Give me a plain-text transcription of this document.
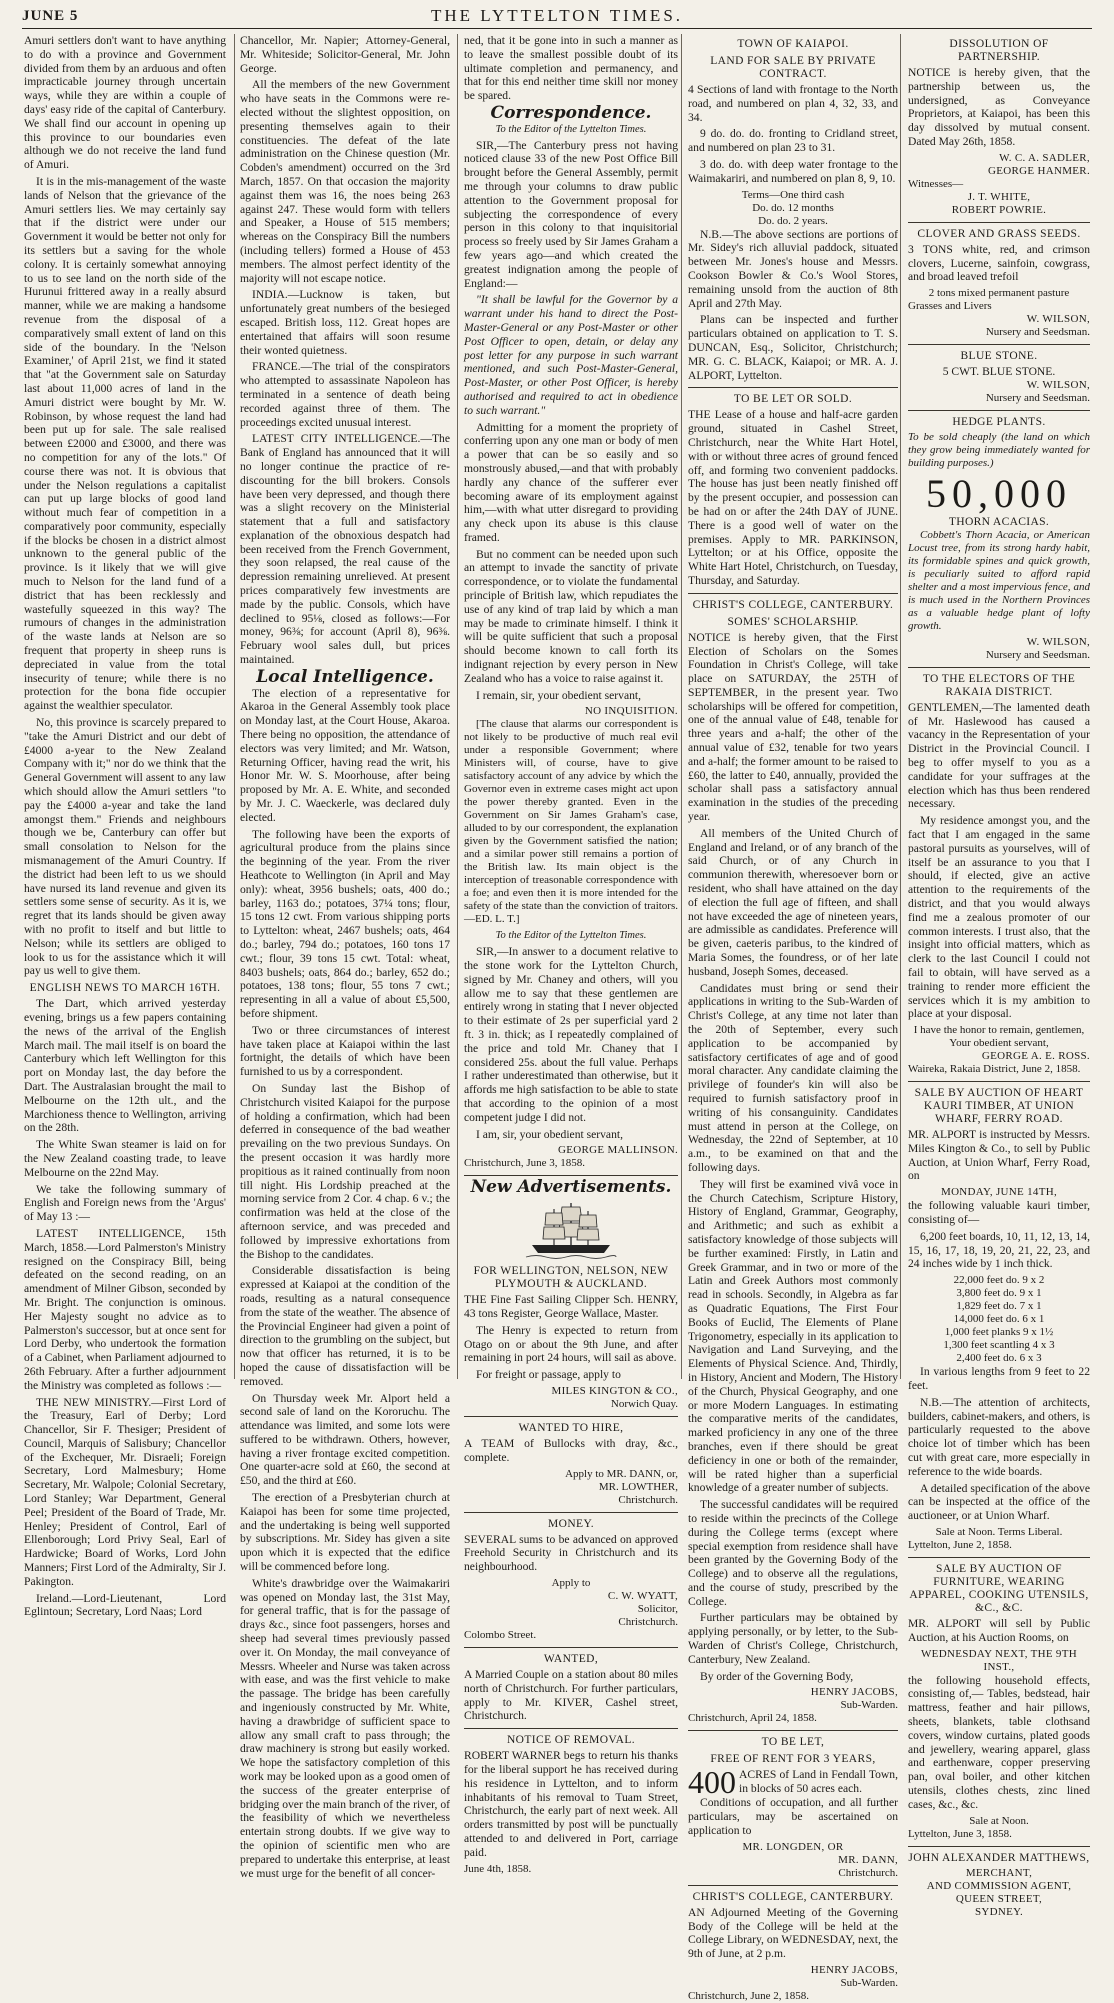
JUNE 5	THE LYTTELTON TIMES.

Amuri settlers don't want to have anything to do with a province and Government divided from them by an arduous and often impracticable journey through uncertain ways, while they are within a couple of days' easy ride of the capital of Canterbury. We shall find our account in opening up this province to our boundaries even although we do not receive the land fund of Amuri.

It is in the mis-management of the waste lands of Nelson that the grievance of the Amuri settlers lies. We may certainly say that if the district were under our Government it would be better not only for its settlers but a saving for the whole colony. It is certainly somewhat annoying to us to see land on the north side of the Hurunui frittered away in a really absurd manner, while we are making a handsome revenue from the disposal of a comparatively small extent of land on this side of the boundary. In the 'Nelson Examiner,' of April 21st, we find it stated that "at the Government sale on Saturday last about 11,000 acres of land in the Amuri district were bought by Mr. W. Robinson, by whose request the land had been put up for sale. The sale realised between £2000 and £3000, and there was no competition for any of the lots." Of course there was not. It is obvious that under the Nelson regulations a capitalist can put up large blocks of good land without much fear of competition in a comparatively poor community, especially if the blocks be chosen in a district almost unknown to the general public of the province. Is it likely that we will give much to Nelson for the land fund of a district that has been recklessly and wastefully squeezed in this way? The rumours of changes in the administration of the waste lands at Nelson are so frequent that property in sheep runs is depreciated in value from the total insecurity of tenure; while there is no protection for the bona fide occupier against the wealthier speculator.

No, this province is scarcely prepared to "take the Amuri District and our debt of £4000 a-year to the New Zealand Company with it;" nor do we think that the General Government will assent to any law which should allow the Amuri settlers "to pay the £4000 a-year and take the land amongst them." Friends and neighbours though we be, Canterbury can offer but small consolation to Nelson for the mismanagement of the Amuri Country. If the district had been left to us we should have nursed its land revenue and given its settlers some sense of security. As it is, we regret that its lands should be given away with no profit to itself and but little to Nelson; while its settlers are obliged to look to us for the assistance which it will pay us well to give them.

ENGLISH NEWS TO MARCH 16TH.

The Dart, which arrived yesterday evening, brings us a few papers containing the news of the arrival of the English March mail. The mail itself is on board the Canterbury which left Wellington for this port on Monday last, the day before the Dart. The Australasian brought the mail to Melbourne on the 12th ult., and the Marchioness thence to Wellington, arriving on the 28th.

The White Swan steamer is laid on for the New Zealand coasting trade, to leave Melbourne on the 22nd May.

We take the following summary of English and Foreign news from the 'Argus' of May 13 :—

LATEST INTELLIGENCE, 15th March, 1858.—Lord Palmerston's Ministry resigned on the Conspiracy Bill, being defeated on the second reading, on an amendment of Milner Gibson, seconded by Mr. Bright. The conjunction is ominous. Her Majesty sought no advice as to Palmerston's successor, but at once sent for Lord Derby, who undertook the formation of a Cabinet, when Parliament adjourned to 26th February. After a further adjournment the Ministry was completed as follows :—

THE NEW MINISTRY.—First Lord of the Treasury, Earl of Derby; Lord Chancellor, Sir F. Thesiger; President of Council, Marquis of Salisbury; Chancellor of the Exchequer, Mr. Disraeli; Foreign Secretary, Lord Malmesbury; Home Secretary, Mr. Walpole; Colonial Secretary, Lord Stanley; War Department, General Peel; President of the Board of Trade, Mr. Henley; President of Control, Earl of Ellenborough; Lord Privy Seal, Earl of Hardwicke; Board of Works, Lord John Manners; First Lord of the Admiralty, Sir J. Pakington.

Ireland.—Lord-Lieutenant, Lord Eglintoun; Secretary, Lord Naas; Lord

Chancellor, Mr. Napier; Attorney-General, Mr. Whiteside; Solicitor-General, Mr. John George.

All the members of the new Government who have seats in the Commons were re-elected without the slightest opposition, on presenting themselves again to their constituencies. The defeat of the late administration on the Chinese question (Mr. Cobden's amendment) occurred on the 3rd March, 1857. On that occasion the majority against them was 16, the noes being 263 against 247. These would form with tellers and Speaker, a House of 515 members; whereas on the Conspiracy Bill the numbers (including tellers) formed a House of 453 members. The almost perfect identity of the majority will not escape notice.

INDIA.—Lucknow is taken, but unfortunately great numbers of the besieged escaped. British loss, 112. Great hopes are entertained that affairs will soon resume their wonted quietness.

FRANCE.—The trial of the conspirators who attempted to assassinate Napoleon has terminated in a sentence of death being recorded against three of them. The proceedings excited unusual interest.

LATEST CITY INTELLIGENCE.—The Bank of England has announced that it will no longer continue the practice of re-discounting for the bill brokers. Consols have been very depressed, and though there was a slight recovery on the Ministerial statement that a full and satisfactory explanation of the obnoxious despatch had been received from the French Government, they soon relapsed, the real cause of the depression remaining unrelieved. At present prices comparatively few investments are made by the public. Consols, which have declined to 95⅛, closed as follows:—For money, 96⅜; for account (April 8), 96⅜. February wool sales dull, but prices maintained.

Local Intelligence.

The election of a representative for Akaroa in the General Assembly took place on Monday last, at the Court House, Akaroa. There being no opposition, the attendance of electors was very limited; and Mr. Watson, Returning Officer, having read the writ, his Honor Mr. W. S. Moorhouse, after being proposed by Mr. A. E. White, and seconded by Mr. J. C. Waeckerle, was declared duly elected.

The following have been the exports of agricultural produce from the plains since the beginning of the year. From the river Heathcote to Wellington (in April and May only): wheat, 3956 bushels; oats, 400 do.; barley, 1163 do.; potatoes, 37¼ tons; flour, 15 tons 12 cwt. From various shipping ports to Lyttelton: wheat, 2467 bushels; oats, 464 do.; barley, 794 do.; potatoes, 160 tons 17 cwt.; flour, 39 tons 15 cwt. Total: wheat, 8403 bushels; oats, 864 do.; barley, 652 do.; potatoes, 138 tons; flour, 55 tons 7 cwt.; representing in all a value of about £5,500, before shipment.

Two or three circumstances of interest have taken place at Kaiapoi within the last fortnight, the details of which have been furnished to us by a correspondent.

On Sunday last the Bishop of Christchurch visited Kaiapoi for the purpose of holding a confirmation, which had been deferred in consequence of the bad weather prevailing on the two previous Sundays. On the present occasion it was hardly more propitious as it rained continually from noon till night. His Lordship preached at the morning service from 2 Cor. 4 chap. 6 v.; the confirmation was held at the close of the afternoon service, and was preceded and followed by impressive exhortations from the Bishop to the candidates.

Considerable dissatisfaction is being expressed at Kaiapoi at the condition of the roads, resulting as a natural consequence from the state of the weather. The absence of the Provincial Engineer had given a point of direction to the grumbling on the subject, but now that officer has returned, it is to be hoped the cause of dissatisfaction will be removed.

On Thursday week Mr. Alport held a second sale of land on the Kororuchu. The attendance was limited, and some lots were suffered to be withdrawn. Others, however, having a river frontage excited competition. One quarter-acre sold at £60, the second at £50, and the third at £60.

The erection of a Presbyterian church at Kaiapoi has been for some time projected, and the undertaking is being well supported by subscriptions. Mr. Sidey has given a site upon which it is expected that the edifice will be commenced before long.

White's drawbridge over the Waimakariri was opened on Monday last, the 31st May, for general traffic, that is for the passage of drays &c., since foot passengers, horses and sheep had several times previously passed over it. On Monday, the mail conveyance of Messrs. Wheeler and Nurse was taken across with ease, and was the first vehicle to make the passage. The bridge has been carefully and ingeniously constructed by Mr. White, having a drawbridge of sufficient space to allow any small craft to pass through; the draw machinery is strong but easily worked. We hope the satisfactory completion of this work may be looked upon as a good omen of the success of the greater enterprise of bridging over the main branch of the river, of the feasibility of which we nevertheless entertain strong doubts. If we give way to the opinion of scientific men who are prepared to undertake this enterprise, at least we must urge for the benefit of all concer-

ned, that it be gone into in such a manner as to leave the smallest possible doubt of its ultimate completion and permanency, and that for this end neither time skill nor money be spared.

Correspondence.
To the Editor of the Lyttelton Times.

SIR,—The Canterbury press not having noticed clause 33 of the new Post Office Bill brought before the General Assembly, permit me through your columns to draw public attention to the Government proposal for subjecting the correspondence of every person in this colony to that inquisitorial process so freely used by Sir James Graham a few years ago—and which created the greatest indignation among the people of England:—

"It shall be lawful for the Governor by a warrant under his hand to direct the Post-Master-General or any Post-Master or other Post Officer to open, detain, or delay any post letter for any purpose in such warrant mentioned, and such Post-Master-General, Post-Master, or other Post Officer, is hereby authorised and required to act in obedience to such warrant."

Admitting for a moment the propriety of conferring upon any one man or body of men a power that can be so easily and so monstrously abused,—and that with probably hardly any chance of the sufferer ever becoming aware of its employment against him,—with what utter disregard to providing any check upon its abuse is this clause framed.

But no comment can be needed upon such an attempt to invade the sanctity of private correspondence, or to violate the fundamental principle of British law, which repudiates the use of any kind of trap laid by which a man may be made to criminate himself. I think it will be quite sufficient that such a proposal should become known to call forth its indignant rejection by every person in New Zealand who has a voice to raise against it.

I remain, sir, your obedient servant,

NO INQUISITION.

[The clause that alarms our correspondent is not likely to be productive of much real evil under a responsible Government; where Ministers will, of course, have to give satisfactory account of any advice by which the Governor even in extreme cases might act upon the power thereby granted. Even in the Government on Sir James Graham's case, alluded to by our correspondent, the explanation given by the Government satisfied the nation; and a similar power still remains a portion of the British law. Its main object is the interception of treasonable correspondence with a foe; and even then it is more intended for the safety of the state than the conviction of traitors.—ED. L. T.]

To the Editor of the Lyttelton Times.

SIR,—In answer to a document relative to the stone work for the Lyttelton Church, signed by Mr. Chaney and others, will you allow me to say that these gentlemen are entirely wrong in stating that I never objected to their estimate of 2s per superficial yard 2 ft. 3 in. thick; as I repeatedly complained of the price and told Mr. Chaney that I considered 25s. about the full value. Perhaps I rather underestimated than otherwise, but it affords me high satisfaction to be able to state that according to the opinion of a most competent judge I did not.

I am, sir, your obedient servant,

GEORGE MALLINSON.
Christchurch, June 3, 1858.
New Advertisements.
FOR WELLINGTON, NELSON, NEW PLYMOUTH & AUCKLAND.

THE Fine Fast Sailing Clipper Sch. HENRY, 43 tons Register, George Wallace, Master.

The Henry is expected to return from Otago on or about the 9th June, and after remaining in port 24 hours, will sail as above.

For freight or passage, apply to

MILES KINGTON & CO.,
Norwich Quay.
WANTED TO HIRE,

A TEAM of Bullocks with dray, &c., complete.

Apply to MR. DANN, or,
MR. LOWTHER,
Christchurch.
MONEY.

SEVERAL sums to be advanced on approved Freehold Security in Christchurch and its neighbourhood.

Apply to
C. W. WYATT,
Solicitor,
Christchurch.
Colombo Street.
WANTED,

A Married Couple on a station about 80 miles north of Christchurch. For further particulars, apply to Mr. KIVER, Cashel street, Christchurch.

NOTICE OF REMOVAL.

ROBERT WARNER begs to return his thanks for the liberal support he has received during his residence in Lyttelton, and to inform inhabitants of his removal to Tuam Street, Christchurch, the early part of next week. All orders transmitted by post will be punctually attended to and delivered in Port, carriage paid.

June 4th, 1858.
TOWN OF KAIAPOI.
LAND FOR SALE BY PRIVATE CONTRACT.

4 Sections of land with frontage to the North road, and numbered on plan 4, 32, 33, and 34.

9 do. do. do. fronting to Cridland street, and numbered on plan 23 to 31.

3 do. do. with deep water frontage to the Waimakariri, and numbered on plan 8, 9, 10.

Terms—One third cash
Do. do. 12 months
Do. do. 2 years.

N.B.—The above sections are portions of Mr. Sidey's rich alluvial paddock, situated between Mr. Jones's house and Messrs. Cookson Bowler & Co.'s Wool Stores, remaining unsold from the auction of 8th April and 27th May.

Plans can be inspected and further particulars obtained on application to T. S. DUNCAN, Esq., Solicitor, Christchurch; MR. G. C. BLACK, Kaiapoi; or MR. A. J. ALPORT, Lyttelton.

TO BE LET OR SOLD.

THE Lease of a house and half-acre garden ground, situated in Cashel Street, Christchurch, near the White Hart Hotel, with or without three acres of ground fenced off, and forming two convenient paddocks. The house has just been neatly finished off by the present occupier, and possession can be had on or after the 24th DAY of JUNE. There is a good well of water on the premises. Apply to MR. PARKINSON, Lyttelton; or at his Office, opposite the White Hart Hotel, Christchurch, on Tuesday, Thursday, and Saturday.

CHRIST'S COLLEGE, CANTERBURY.
SOMES' SCHOLARSHIP.

NOTICE is hereby given, that the First Election of Scholars on the Somes Foundation in Christ's College, will take place on SATURDAY, the 25TH of SEPTEMBER, in the present year. Two scholarships will be offered for competition, one of the annual value of £48, tenable for three years and a-half; the other of the annual value of £32, tenable for two years and a-half; the former amount to be raised to £60, the latter to £40, annually, provided the scholar shall pass a satisfactory annual examination in the studies of the preceding year.

All members of the United Church of England and Ireland, or of any branch of the said Church, or of any Church in communion therewith, wheresoever born or resident, who shall have attained on the day of election the full age of fifteen, and shall not have exceeded the age of nineteen years, are admissible as candidates. Preference will be given, caeteris paribus, to the kindred of Maria Somes, the foundress, or of her late husband, Joseph Somes, deceased.

Candidates must bring or send their applications in writing to the Sub-Warden of Christ's College, at any time not later than the 20th of September, every such application to be accompanied by satisfactory certificates of age and of good moral character. Any candidate claiming the privilege of founder's kin will also be required to furnish satisfactory proof in writing of his consanguinity. Candidates must attend in person at the College, on Wednesday, the 22nd of September, at 10 a.m., to be examined on that and the following days.

They will first be examined vivâ voce in the Church Catechism, Scripture History, History of England, Grammar, Geography, and Arithmetic; and such as exhibit a satisfactory knowledge of those subjects will be further examined: Firstly, in Latin and Greek Grammar, and in two or more of the Latin and Greek Authors most commonly read in schools. Secondly, in Algebra as far as Quadratic Equations, The First Four Books of Euclid, The Elements of Plane Trigonometry, especially in its application to Navigation and Land Surveying, and the Elements of Physical Science. And, Thirdly, in History, Ancient and Modern, The History of the Church, Physical Geography, and one or more Modern Languages. In estimating the comparative merits of the candidates, marked proficiency in any one of the three branches, even if there should be great deficiency in one or both of the remainder, will be rated higher than a superficial knowledge of a greater number of subjects.

The successful candidates will be required to reside within the precincts of the College during the College terms (except where special exemption from residence shall have been granted by the Governing Body of the College) and to observe all the regulations, and the course of study, prescribed by the College.

Further particulars may be obtained by applying personally, or by letter, to the Sub-Warden of Christ's College, Christchurch, Canterbury, New Zealand.

By order of the Governing Body,

HENRY JACOBS,
Sub-Warden.
Christchurch, April 24, 1858.
TO BE LET,
FREE OF RENT FOR 3 YEARS,
400 ACRES of Land in Fendall Town, in blocks of 50 acres each.

Conditions of occupation, and all further particulars, may be ascertained on application to

MR. LONGDEN, OR
MR. DANN,
Christchurch.
CHRIST'S COLLEGE, CANTERBURY.

AN Adjourned Meeting of the Governing Body of the College will be held at the College Library, on WEDNESDAY, next, the 9th of June, at 2 p.m.

HENRY JACOBS,
Sub-Warden.
Christchurch, June 2, 1858.
DISSOLUTION OF PARTNERSHIP.

NOTICE is hereby given, that the partnership between us, the undersigned, as Conveyance Proprietors, at Kaiapoi, has been this day dissolved by mutual consent. Dated May 26th, 1858.

W. C. A. SADLER,
GEORGE HANMER.
Witnesses—
J. T. WHITE,
ROBERT POWRIE.
CLOVER AND GRASS SEEDS.

3 TONS white, red, and crimson clovers, Lucerne, sainfoin, cowgrass, and broad leaved trefoil

2 tons mixed permanent pasture
Grasses and Livers
W. WILSON,
Nursery and Seedsman.
BLUE STONE.
5 CWT. BLUE STONE.
W. WILSON,
Nursery and Seedsman.
HEDGE PLANTS.

To be sold cheaply (the land on which they grow being immediately wanted for building purposes.)

50,000
THORN ACACIAS.

Cobbett's Thorn Acacia, or American Locust tree, from its strong hardy habit, its formidable spines and quick growth, is peculiarly suited to afford rapid shelter and a most impervious fence, and is much used in the Northern Provinces as a valuable hedge plant of lofty growth.

W. WILSON,
Nursery and Seedsman.
TO THE ELECTORS OF THE RAKAIA DISTRICT.

GENTLEMEN,—The lamented death of Mr. Haslewood has caused a vacancy in the Representation of your District in the Provincial Council. I beg to offer myself to you as a candidate for your suffrages at the election which has thus been rendered necessary.

My residence amongst you, and the fact that I am engaged in the same pastoral pursuits as yourselves, will of itself be an assurance to you that I should, if elected, give an active attention to the requirements of the district, and that you would always find me a zealous promoter of our common interests. I trust also, that the insight into official matters, which as clerk to the last Council I could not fail to obtain, will have served as a training to render more efficient the services which it is my ambition to place at your disposal.

I have the honor to remain, gentlemen,
Your obedient servant,
GEORGE A. E. ROSS.
Waireka, Rakaia District, June 2, 1858.
SALE BY AUCTION OF HEART KAURI TIMBER, AT UNION WHARF, FERRY ROAD.

MR. ALPORT is instructed by Messrs. Miles Kington & Co., to sell by Public Auction, at Union Wharf, Ferry Road, on

MONDAY, JUNE 14TH,

the following valuable kauri timber, consisting of—

6,200 feet boards, 10, 11, 12, 13, 14, 15, 16, 17, 18, 19, 20, 21, 22, 23, and 24 inches wide by 1 inch thick.

22,000 feet do. 9 x 2
3,800 feet do. 9 x 1
1,829 feet do. 7 x 1
14,000 feet do. 6 x 1
1,000 feet planks 9 x 1½
1,300 feet scantling 4 x 3
2,400 feet do. 6 x 3

In various lengths from 9 feet to 22 feet.

N.B.—The attention of architects, builders, cabinet-makers, and others, is particularly requested to the above choice lot of timber which has been cut with great care, more especially in reference to the wide boards.

A detailed specification of the above can be inspected at the office of the auctioneer, or at Union Wharf.

Sale at Noon. Terms Liberal.
Lyttelton, June 2, 1858.
SALE BY AUCTION OF FURNITURE, WEARING APPAREL, COOKING UTENSILS, &C., &C.

MR. ALPORT will sell by Public Auction, at his Auction Rooms, on

WEDNESDAY NEXT, THE 9TH INST.,

the following household effects, consisting of,— Tables, bedstead, hair mattress, feather and hair pillows, sheets, blankets, table clothsand covers, window curtains, plated goods and jewellery, wearing apparel, glass and earthenware, copper preserving pan, oval boiler, and other kitchen utensils, clothes chests, zinc lined cases, &c., &c.

Sale at Noon.
Lyttelton, June 3, 1858.
JOHN ALEXANDER MATTHEWS,
MERCHANT,
AND COMMISSION AGENT,
QUEEN STREET,
SYDNEY.
